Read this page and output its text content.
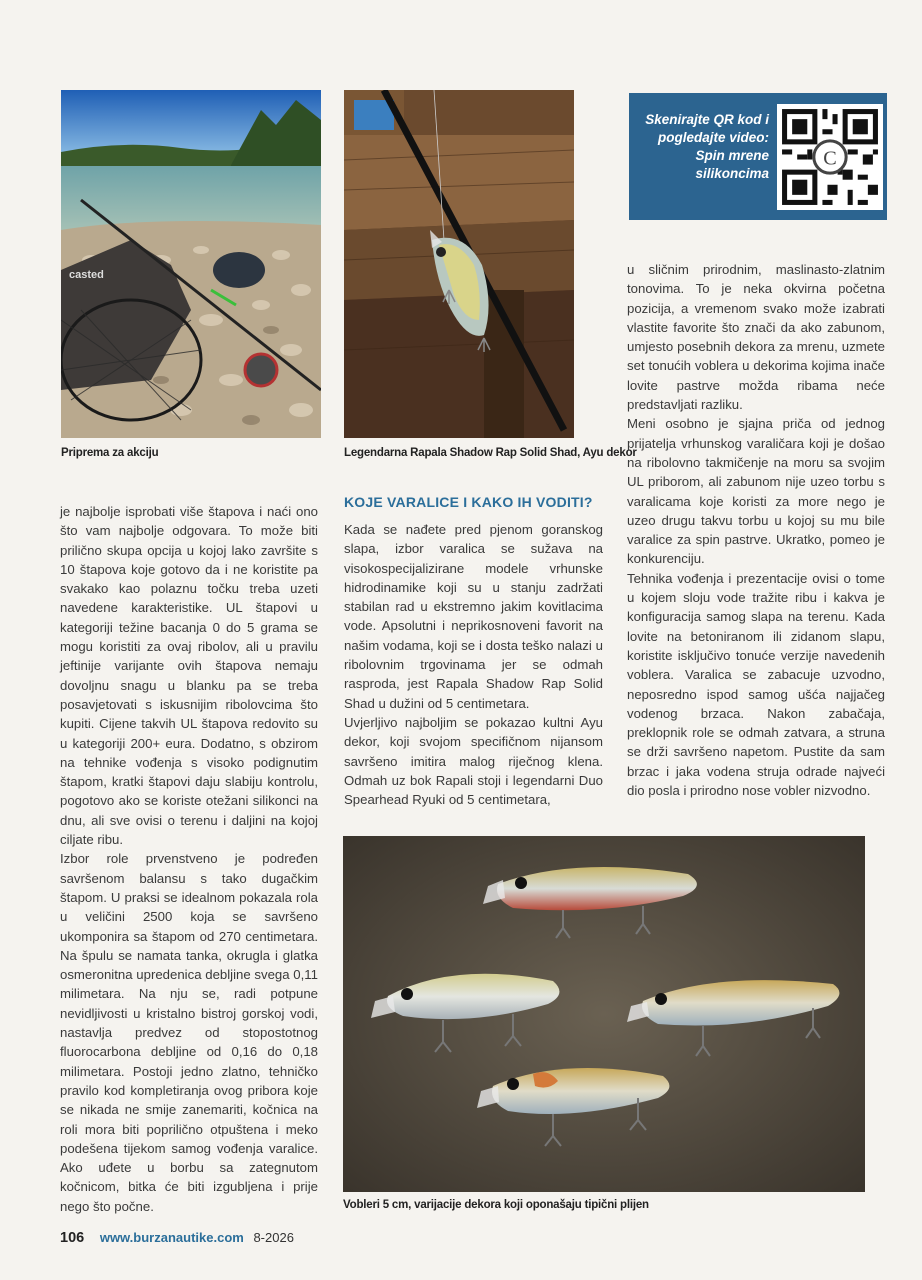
casted
Priprema za akciju	Legendarna Rapala Shadow Rap Solid Shad, Ayu dekor
Skenirajte QR kod i pogledajte video: Spin mrene silikoncima
C

je najbolje isprobati više štapova i naći ono što vam najbolje odgovara. To može biti prilično skupa opcija u kojoj lako završite s 10 štapova koje gotovo da i ne koristite pa svakako kao polaznu točku treba uzeti navedene karakteristike. UL štapovi u kategoriji težine bacanja 0 do 5 grama se mogu koristiti za ovaj ribolov, ali u pravilu jeftinije varijante ovih štapova nemaju dovoljnu snagu u blanku pa se treba posavjetovati s iskusnijim ribolovcima što kupiti. Cijene takvih UL štapova redovito su u kategoriji 200+ eura. Dodatno, s obzirom na tehnike vođenja s visoko podignutim štapom, kratki štapovi daju slabiju kontrolu, pogotovo ako se koriste otežani silikonci na dnu, ali sve ovisi o terenu i daljini na kojoj ciljate ribu.

Izbor role prvenstveno je podređen savršenom balansu s tako dugačkim štapom. U praksi se idealnom pokazala rola u veličini 2500 koja se savršeno ukomponira sa štapom od 270 centimetara. Na špulu se namata tanka, okrugla i glatka osmeronitna upredenica debljine svega 0,11 milimetara. Na nju se, radi potpune nevidljivosti u kristalno bistroj gorskoj vodi, nastavlja predvez od stopostotnog fluorocarbona debljine od 0,16 do 0,18 milimetara. Postoji jedno zlatno, tehničko pravilo kod kompletiranja ovog pribora koje se nikada ne smije zanemariti, kočnica na roli mora biti poprilično otpuštena i meko podešena tijekom samog vođenja varalice. Ako uđete u borbu sa zategnutom kočnicom, bitka će biti izgubljena i prije nego što počne.

KOJE VARALICE I KAKO IH VODITI?

Kada se nađete pred pjenom goranskog slapa, izbor varalica se sužava na visokospecijalizirane modele vrhunske hidrodinamike koji su u stanju zadržati stabilan rad u ekstremno jakim kovitlacima vode. Apsolutni i neprikosnoveni favorit na našim vodama, koji se i dosta teško nalazi u ribolovnim trgovinama jer se odmah rasproda, jest Rapala Shadow Rap Solid Shad u dužini od 5 centimetara.

Uvjerljivo najboljim se pokazao kultni Ayu dekor, koji svojom specifičnom nijansom savršeno imitira malog riječnog klena. Odmah uz bok Rapali stoji i legendarni Duo Spearhead Ryuki od 5 centimetara,

u sličnim prirodnim, maslinasto-zlatnim tonovima. To je neka okvirna početna pozicija, a vremenom svako može izabrati vlastite favorite što znači da ako zabunom, umjesto posebnih dekora za mrenu, uzmete set tonućih voblera u dekorima kojima inače lovite pastrve možda ribama neće predstavljati razliku.

Meni osobno je sjajna priča od jednog prijatelja vrhunskog varaličara koji je došao na ribolovno takmičenje na moru sa svojim UL priborom, ali zabunom nije uzeo torbu s varalicama koje koristi za more nego je uzeo drugu takvu torbu u kojoj su mu bile varalice za spin pastrve. Ukratko, pomeo je konkurenciju.

Tehnika vođenja i prezentacije ovisi o tome u kojem sloju vode tražite ribu i kakva je konfiguracija samog slapa na terenu. Kada lovite na betoniranom ili zidanom slapu, koristite isključivo tonuće verzije navedenih voblera. Varalica se zabacuje uzvodno, neposredno ispod samog ušća najjačeg vodenog brzaca. Nakon zabačaja, preklopnik role se odmah zatvara, a struna se drži savršeno napetom. Pustite da sam brzac i jaka vodena struja odrade najveći dio posla i prirodno nose vobler nizvodno.

Vobleri 5 cm, varijacije dekora koji oponašaju tipični plijen
106 www.burzanautike.com 8-2026
